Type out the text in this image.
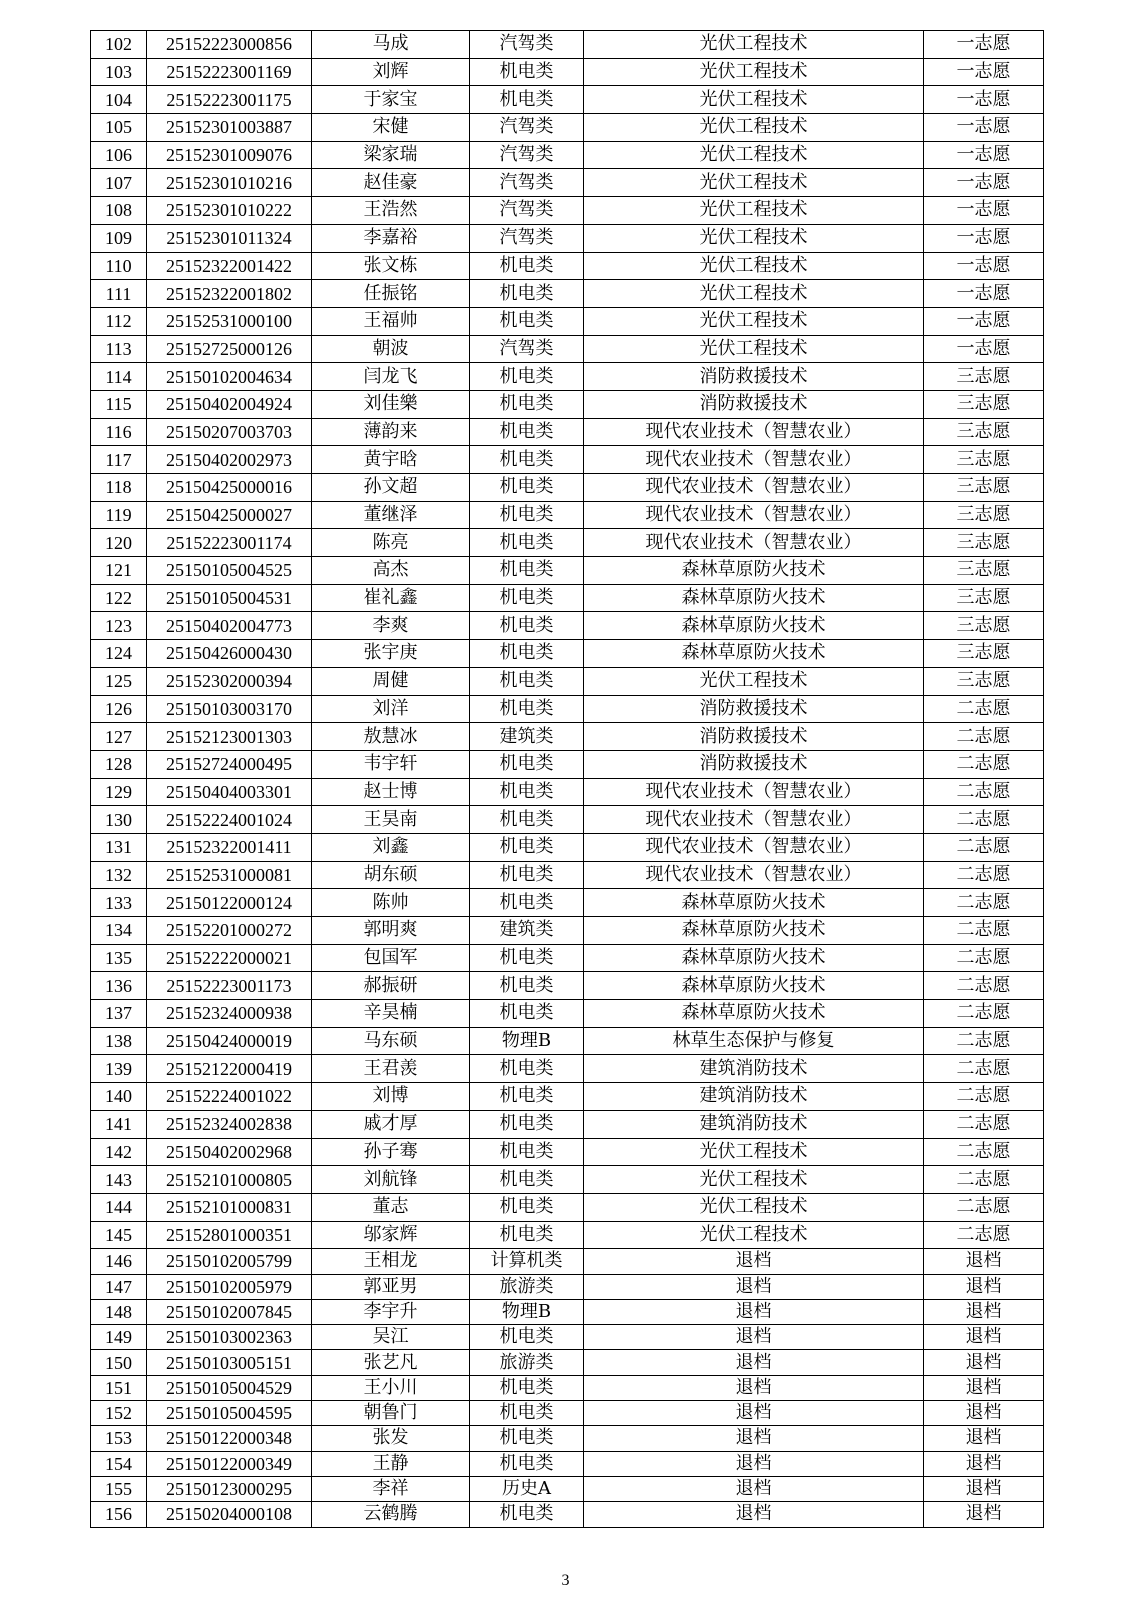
102	25152223000856	马成	汽驾类	光伏工程技术	一志愿
103	25152223001169	刘辉	机电类	光伏工程技术	一志愿
104	25152223001175	于家宝	机电类	光伏工程技术	一志愿
105	25152301003887	宋健	汽驾类	光伏工程技术	一志愿
106	25152301009076	梁家瑞	汽驾类	光伏工程技术	一志愿
107	25152301010216	赵佳豪	汽驾类	光伏工程技术	一志愿
108	25152301010222	王浩然	汽驾类	光伏工程技术	一志愿
109	25152301011324	李嘉裕	汽驾类	光伏工程技术	一志愿
110	25152322001422	张文栋	机电类	光伏工程技术	一志愿
111	25152322001802	任振铭	机电类	光伏工程技术	一志愿
112	25152531000100	王福帅	机电类	光伏工程技术	一志愿
113	25152725000126	朝波	汽驾类	光伏工程技术	一志愿
114	25150102004634	闫龙飞	机电类	消防救援技术	三志愿
115	25150402004924	刘佳樂	机电类	消防救援技术	三志愿
116	25150207003703	薄韵来	机电类	现代农业技术（智慧农业）	三志愿
117	25150402002973	黄宇晗	机电类	现代农业技术（智慧农业）	三志愿
118	25150425000016	孙文超	机电类	现代农业技术（智慧农业）	三志愿
119	25150425000027	董继泽	机电类	现代农业技术（智慧农业）	三志愿
120	25152223001174	陈亮	机电类	现代农业技术（智慧农业）	三志愿
121	25150105004525	高杰	机电类	森林草原防火技术	三志愿
122	25150105004531	崔礼鑫	机电类	森林草原防火技术	三志愿
123	25150402004773	李爽	机电类	森林草原防火技术	三志愿
124	25150426000430	张宇庚	机电类	森林草原防火技术	三志愿
125	25152302000394	周健	机电类	光伏工程技术	三志愿
126	25150103003170	刘洋	机电类	消防救援技术	二志愿
127	25152123001303	敖慧冰	建筑类	消防救援技术	二志愿
128	25152724000495	韦宇轩	机电类	消防救援技术	二志愿
129	25150404003301	赵士博	机电类	现代农业技术（智慧农业）	二志愿
130	25152224001024	王昊南	机电类	现代农业技术（智慧农业）	二志愿
131	25152322001411	刘鑫	机电类	现代农业技术（智慧农业）	二志愿
132	25152531000081	胡东硕	机电类	现代农业技术（智慧农业）	二志愿
133	25150122000124	陈帅	机电类	森林草原防火技术	二志愿
134	25152201000272	郭明爽	建筑类	森林草原防火技术	二志愿
135	25152222000021	包国军	机电类	森林草原防火技术	二志愿
136	25152223001173	郝振研	机电类	森林草原防火技术	二志愿
137	25152324000938	辛昊楠	机电类	森林草原防火技术	二志愿
138	25150424000019	马东硕	物理B	林草生态保护与修复	二志愿
139	25152122000419	王君羡	机电类	建筑消防技术	二志愿
140	25152224001022	刘博	机电类	建筑消防技术	二志愿
141	25152324002838	戚才厚	机电类	建筑消防技术	二志愿
142	25150402002968	孙子骞	机电类	光伏工程技术	二志愿
143	25152101000805	刘航锋	机电类	光伏工程技术	二志愿
144	25152101000831	董志	机电类	光伏工程技术	二志愿
145	25152801000351	邬家辉	机电类	光伏工程技术	二志愿
146	25150102005799	王相龙	计算机类	退档	退档
147	25150102005979	郭亚男	旅游类	退档	退档
148	25150102007845	李宇升	物理B	退档	退档
149	25150103002363	吴江	机电类	退档	退档
150	25150103005151	张艺凡	旅游类	退档	退档
151	25150105004529	王小川	机电类	退档	退档
152	25150105004595	朝鲁门	机电类	退档	退档
153	25150122000348	张发	机电类	退档	退档
154	25150122000349	王静	机电类	退档	退档
155	25150123000295	李祥	历史A	退档	退档
156	25150204000108	云鹤腾	机电类	退档	退档
3
